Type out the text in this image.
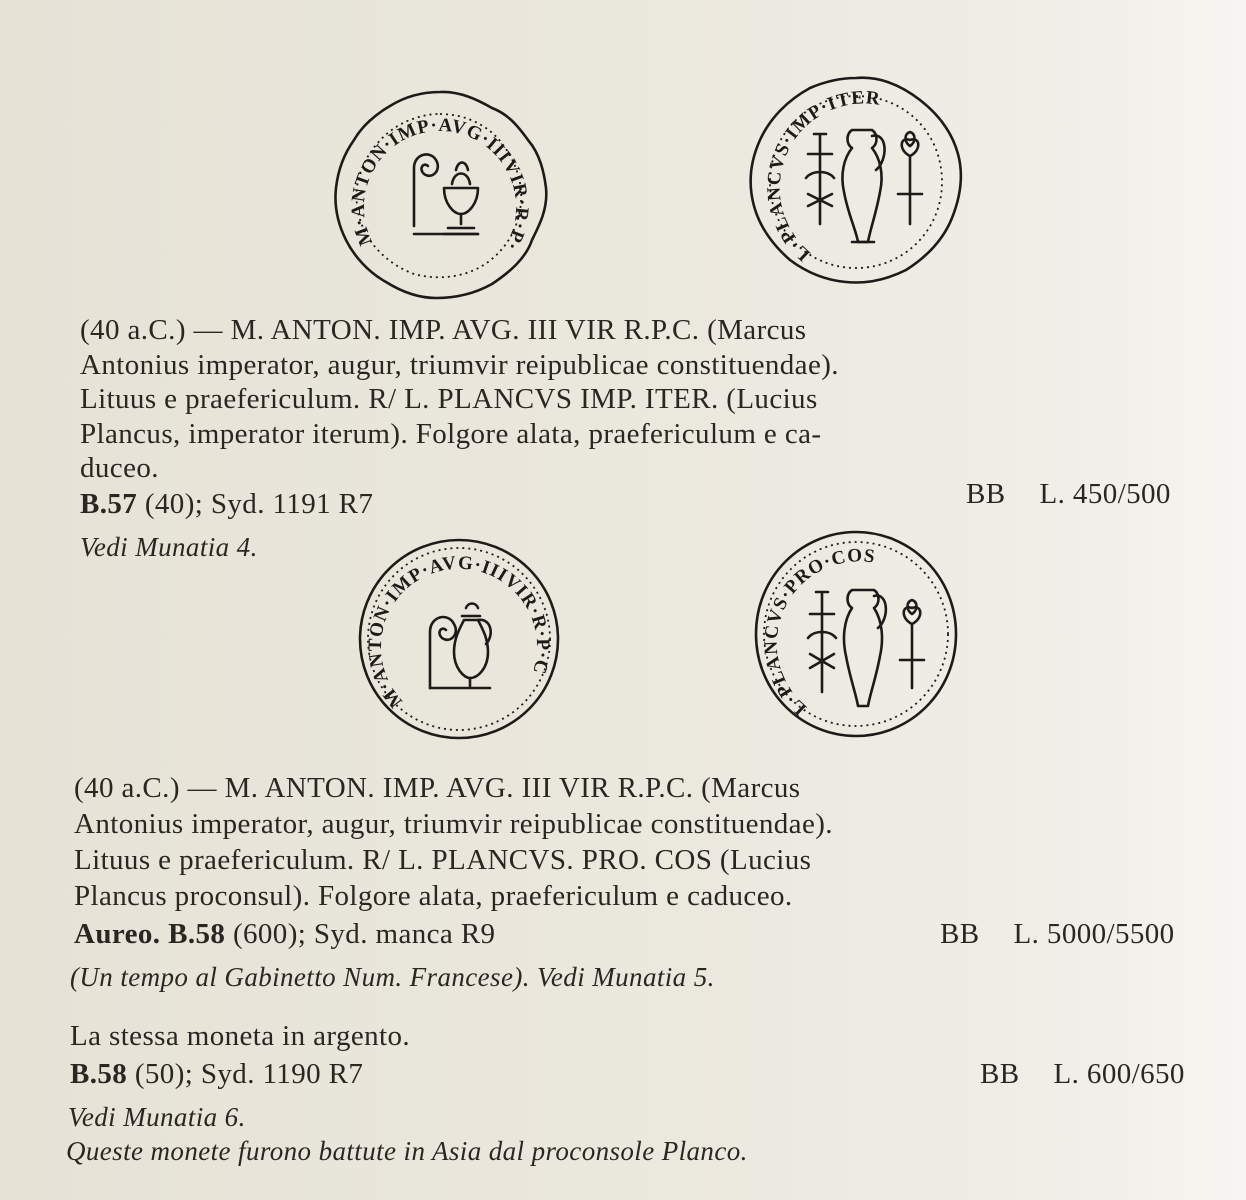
M·ANTON·IMP·AVG·IIIVIR·R·P·C
L·PLANCVS·IMP·ITER
(40 a.C.) — M. ANTON. IMP. AVG. III VIR R.P.C. (Marcus
Antonius imperator, augur, triumvir reipublicae constituendae).
Lituus e praefericulum. R/ L. PLANCVS IMP. ITER. (Lucius
Plancus, imperator iterum). Folgore alata, praefericulum e ca-
duceo.
B.57 (40); Syd. 1191 R7	BB L. 450/500
Vedi Munatia 4.
M·ANTON·IMP·AVG·IIIVIR·R·P·C
L·PLANCVS·PRO·COS
(40 a.C.) — M. ANTON. IMP. AVG. III VIR R.P.C. (Marcus
Antonius imperator, augur, triumvir reipublicae constituendae).
Lituus e praefericulum. R/ L. PLANCVS. PRO. COS (Lucius
Plancus proconsul). Folgore alata, praefericulum e caduceo.
Aureo. B.58 (600); Syd. manca R9	BB L. 5000/5500
(Un tempo al Gabinetto Num. Francese). Vedi Munatia 5.
La stessa moneta in argento.
B.58 (50); Syd. 1190 R7	BB L. 600/650
Vedi Munatia 6.
Queste monete furono battute in Asia dal proconsole Planco.
